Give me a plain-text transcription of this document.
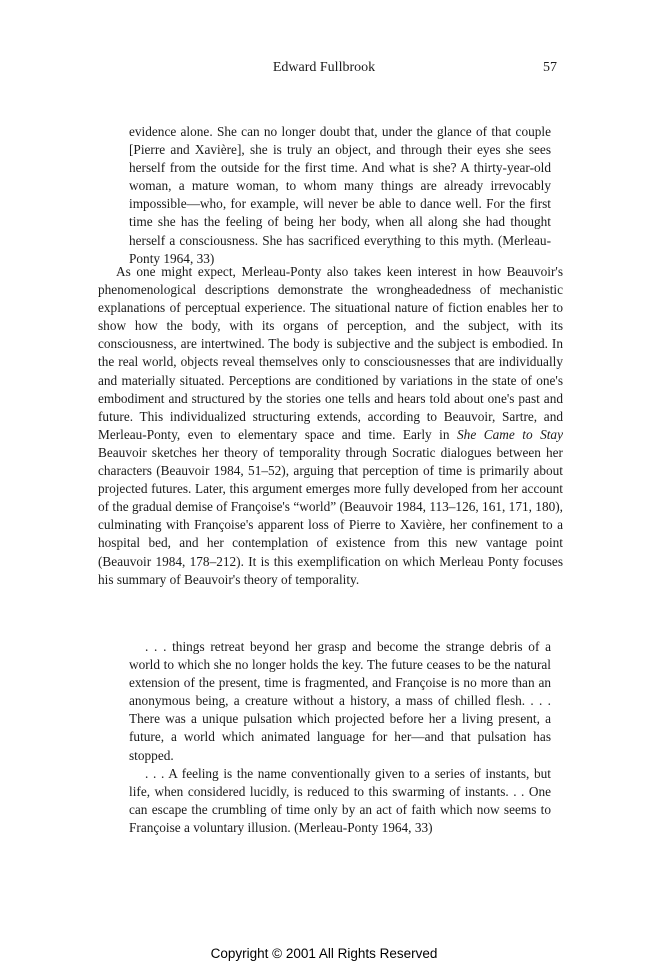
Edward Fullbrook	57

evidence alone. She can no longer doubt that, under the glance of that couple [Pierre and Xavière], she is truly an object, and through their eyes she sees herself from the outside for the first time. And what is she? A thirty-year-old woman, a mature woman, to whom many things are already irrevocably impossible—who, for example, will never be able to dance well. For the first time she has the feeling of being her body, when all along she had thought herself a consciousness. She has sacrificed everything to this myth. (Merleau-Ponty 1964, 33)

As one might expect, Merleau-Ponty also takes keen interest in how Beauvoir's phenomenological descriptions demonstrate the wrongheadedness of mechanistic explanations of perceptual experience. The situational nature of fiction enables her to show how the body, with its organs of perception, and the subject, with its consciousness, are intertwined. The body is subjective and the subject is embodied. In the real world, objects reveal themselves only to consciousnesses that are individually and materially situated. Perceptions are conditioned by variations in the state of one's embodiment and structured by the stories one tells and hears told about one's past and future. This individualized structuring extends, according to Beauvoir, Sartre, and Merleau-Ponty, even to elementary space and time. Early in She Came to Stay Beauvoir sketches her theory of temporality through Socratic dialogues between her characters (Beauvoir 1984, 51–52), arguing that perception of time is primarily about projected futures. Later, this argument emerges more fully developed from her account of the gradual demise of Françoise's “world” (Beauvoir 1984, 113–126, 161, 171, 180), culminating with Françoise's apparent loss of Pierre to Xavière, her confinement to a hospital bed, and her contemplation of existence from this new vantage point (Beauvoir 1984, 178–212). It is this exemplification on which Merleau Ponty focuses his summary of Beauvoir's theory of temporality.

. . . things retreat beyond her grasp and become the strange debris of a world to which she no longer holds the key. The future ceases to be the natural extension of the present, time is fragmented, and Françoise is no more than an anonymous being, a creature without a history, a mass of chilled flesh. . . . There was a unique pulsation which projected before her a living present, a future, a world which animated language for her—and that pulsation has stopped.

. . . A feeling is the name conventionally given to a series of instants, but life, when considered lucidly, is reduced to this swarming of instants. . . One can escape the crumbling of time only by an act of faith which now seems to Françoise a voluntary illusion. (Merleau-Ponty 1964, 33)

Copyright © 2001 All Rights Reserved
